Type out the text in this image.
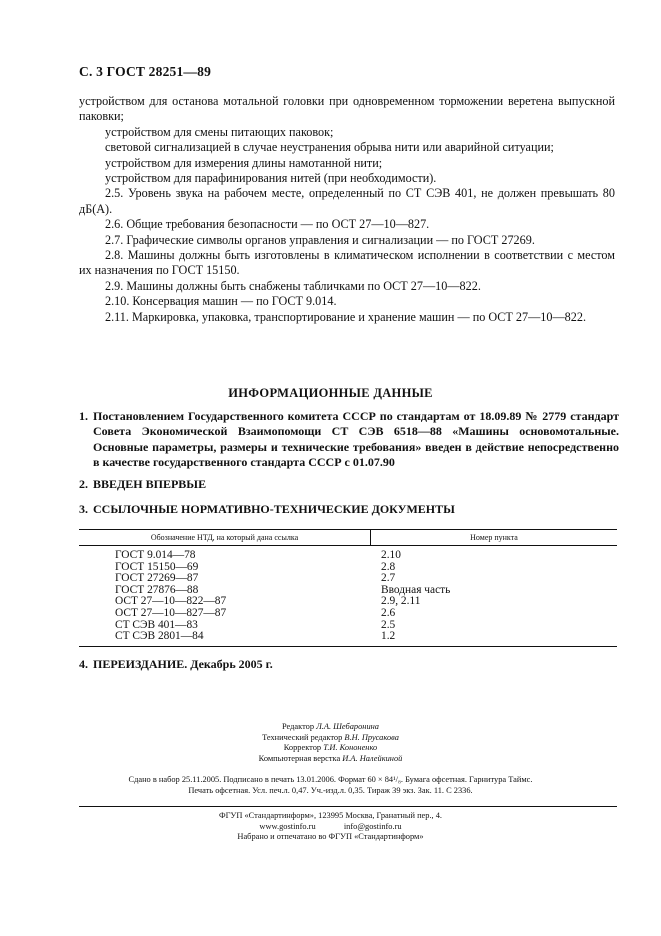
С. 3 ГОСТ 28251—89

устройством для останова мотальной головки при одновременном торможении веретена выпускной паковки;

устройством для смены питающих паковок;

световой сигнализацией в случае неустранения обрыва нити или аварийной ситуации;

устройством для измерения длины намотанной нити;

устройством для парафинирования нитей (при необходимости).

2.5. Уровень звука на рабочем месте, определенный по СТ СЭВ 401, не должен превышать 80 дБ(А).

2.6. Общие требования безопасности — по ОСТ 27—10—827.

2.7. Графические символы органов управления и сигнализации — по ГОСТ 27269.

2.8. Машины должны быть изготовлены в климатическом исполнении в соответствии с местом их назначения по ГОСТ 15150.

2.9. Машины должны быть снабжены табличками по ОСТ 27—10—822.

2.10. Консервация машин — по ГОСТ 9.014.

2.11. Маркировка, упаковка, транспортирование и хранение машин — по ОСТ 27—10—822.

ИНФОРМАЦИОННЫЕ ДАННЫЕ
1. Постановлением Государственного комитета СССР по стандартам от 18.09.89 № 2779 стандарт Совета Экономической Взаимопомощи СТ СЭВ 6518—88 «Машины основомотальные. Основные параметры, размеры и технические требования» введен в действие непосредственно в качестве государственного стандарта СССР с 01.07.90
2. ВВЕДЕН ВПЕРВЫЕ
3. ССЫЛОЧНЫЕ НОРМАТИВНО-ТЕХНИЧЕСКИЕ ДОКУМЕНТЫ
Обозначение НТД, на который дана ссылка	Номер пункта
ГОСТ 9.014—78
ГОСТ 15150—69
ГОСТ 27269—87
ГОСТ 27876—88
ОСТ 27—10—822—87
ОСТ 27—10—827—87
СТ СЭВ 401—83
СТ СЭВ 2801—84
2.10
2.8
2.7
Вводная часть
2.9, 2.11
2.6
2.5
1.2
4. ПЕРЕИЗДАНИЕ. Декабрь 2005 г.
Редактор Л.А. Шебаронина
Технический редактор В.Н. Прусакова
Корректор Т.И. Кононенко
Компьютерная верстка И.А. Налейкиной
Сдано в набор 25.11.2005. Подписано в печать 13.01.2006. Формат 60 × 84¹/₈. Бумага офсетная. Гарнитура Таймс.
Печать офсетная. Усл. печ.л. 0,47. Уч.-изд.л. 0,35. Тираж 39 экз. Зак. 11. С 2336.
ФГУП «Стандартинформ», 123995 Москва, Гранатный пер., 4.
www.gostinfo.ru	info@gostinfo.ru
Набрано и отпечатано во ФГУП «Стандартинформ»
